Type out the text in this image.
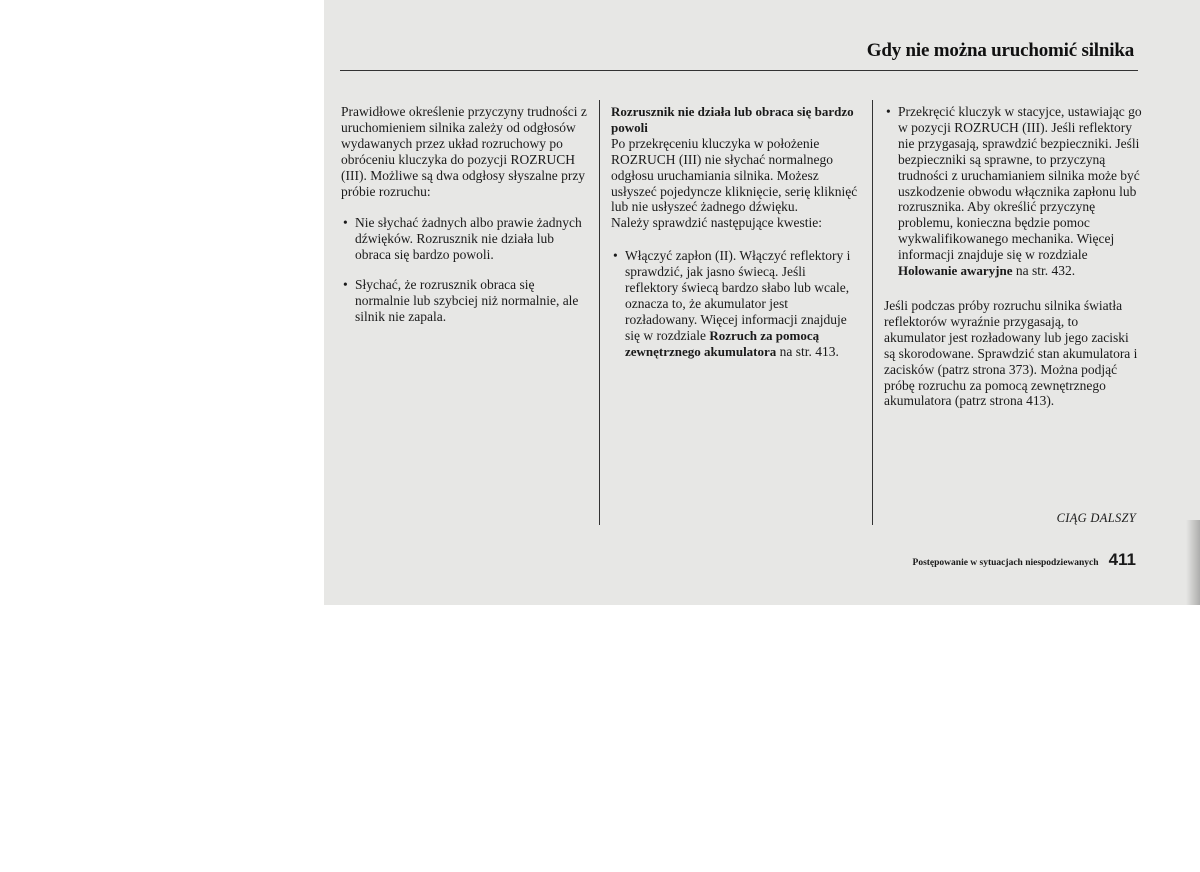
Gdy nie można uruchomić silnika

Prawidłowe określenie przyczyny trudności z uruchomieniem silnika zależy od odgłosów wydawanych przez układ rozruchowy po obróceniu kluczyka do pozycji ROZRUCH (III). Możliwe są dwa odgłosy słyszalne przy próbie rozruchu:

• Nie słychać żadnych albo prawie żadnych dźwięków. Rozrusznik nie działa lub obraca się bardzo powoli.
• Słychać, że rozrusznik obraca się normalnie lub szybciej niż normalnie, ale silnik nie zapala.

Rozrusznik nie działa lub obraca się bardzo powoli

Po przekręceniu kluczyka w położenie ROZRUCH (III) nie słychać normalnego odgłosu uruchamiania silnika. Możesz usłyszeć pojedyncze kliknięcie, serię kliknięć lub nie usłyszeć żadnego dźwięku.

Należy sprawdzić następujące kwestie:

• Włączyć zapłon (II). Włączyć reflektory i sprawdzić, jak jasno świecą. Jeśli reflektory świecą bardzo słabo lub wcale, oznacza to, że akumulator jest rozładowany. Więcej informacji znajduje się w rozdziale Rozruch za pomocą zewnętrznego akumulatora na str. 413.
• Przekręcić kluczyk w stacyjce, ustawiając go w pozycji ROZRUCH (III). Jeśli reflektory nie przygasają, sprawdzić bezpieczniki. Jeśli bezpieczniki są sprawne, to przyczyną trudności z uruchamianiem silnika może być uszkodzenie obwodu włącznika zapłonu lub rozrusznika. Aby określić przyczynę problemu, konieczna będzie pomoc wykwalifikowanego mechanika. Więcej informacji znajduje się w rozdziale Holowanie awaryjne na str. 432.

Jeśli podczas próby rozruchu silnika światła reflektorów wyraźnie przygasają, to akumulator jest rozładowany lub jego zaciski są skorodowane. Sprawdzić stan akumulatora i zacisków (patrz strona 373). Można podjąć próbę rozruchu za pomocą zewnętrznego akumulatora (patrz strona 413).

CIĄG DALSZY
Postępowanie w sytuacjach niespodziewanych 411
